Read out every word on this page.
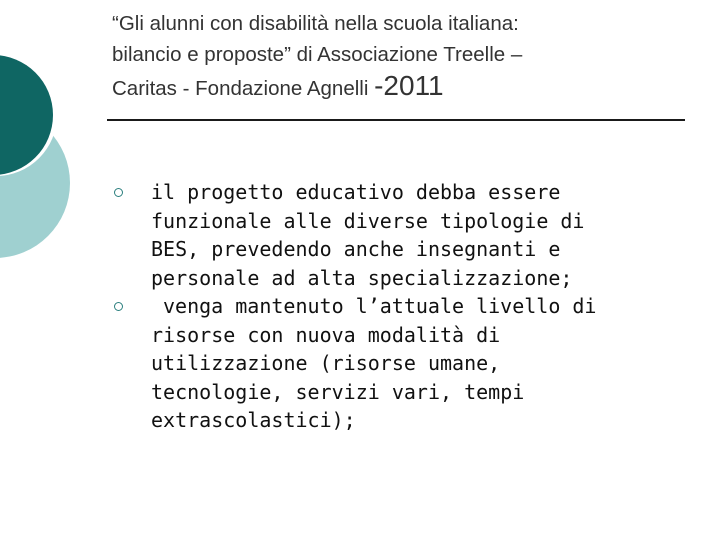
“Gli alunni con disabilità nella scuola italiana:
bilancio e proposte” di Associazione Treelle –
Caritas - Fondazione Agnelli -2011
il progetto educativo debba essere
funzionale alle diverse tipologie di
BES, prevedendo anche insegnanti e
personale ad alta specializzazione;
venga mantenuto l’attuale livello di
risorse con nuova modalità di
utilizzazione (risorse umane,
tecnologie, servizi vari, tempi
extrascolastici);
